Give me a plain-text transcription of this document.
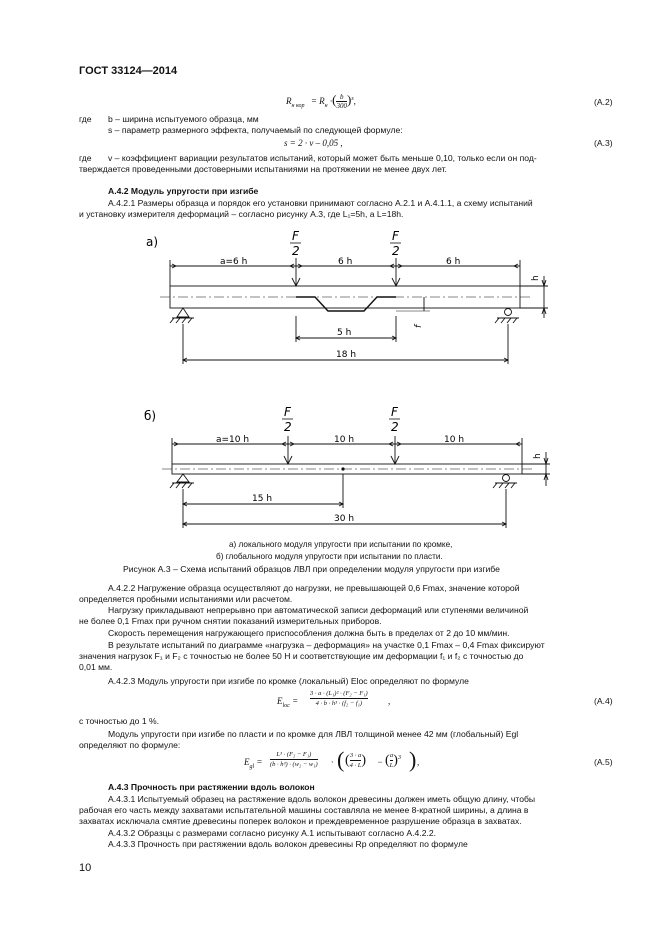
ГОСТ 33124—2014
$R_{н кор} = R_н \cdot(\frac{b}{300})^s$,	(A.2)
где b – ширина испытуемого образца, мм
s – параметр размерного эффекта, получаемый по следующей формуле:
s = 2 · v – 0,05 ,	(A.3)
где v – коэффициент вариации результатов испытаний, который может быть меньше 0,10, только если он под-
тверждается проведенными достоверными испытаниями на протяжении не менее двух лет.
А.4.2 Модуль упругости при изгибе
А.4.2.1 Размеры образца и порядок его установки принимают согласно А.2.1 и А.4.1.1, а схему испытаний
и установку измерителя деформаций – согласно рисунку А.3, где L₁=5h, а L=18h.
а)	F
2
F
2
a=6 h	6 h	6 h
h
f
5 h
18 h
б)	F
2
F
2
a=10 h	10 h	10 h
h
15 h
30 h
а) локального модуля упругости при испытании по кромке,
б) глобального модуля упругости при испытании по пласти.
Рисунок А.3 – Схема испытаний образцов ЛВЛ при определении модуля упругости при изгибе
А.4.2.2 Нагружение образца осуществляют до нагрузки, не превышающей 0,6 Fmax, значение которой
определяется пробными испытаниями или расчетом.
Нагрузку прикладывают непрерывно при автоматической записи деформаций или ступенями величиной
не более 0,1 Fmax при ручном снятии показаний измерительных приборов.
Скорость перемещения нагружающего приспособления должна быть в пределах от 2 до 10 мм/мин.
В результате испытаний по диаграмме «нагрузка – деформация» на участке 0,1 Fmax – 0,4 Fmax фиксируют
значения нагрузок F₁ и F₂ с точностью не более 50 Н и соответствующие им деформации f₁ и f₂ с точностью до
0,01 мм.
А.4.2.3 Модуль упругости при изгибе по кромке (локальный) Eloc определяют по формуле
$E_{loc}$ =
3 · a · (L₁)² · (F₂ − F₁)
4 · b · h³ · (f₂ − f₁)	,	(A.4)
с точностью до 1 %.
Модуль упругости при изгибе по пласти и по кромке для ЛВЛ толщиной менее 42 мм (глобальный) Egl
определяют по формуле:
$E_{gl}$ =
L³ · (F₂ − F₁)
(b · h³) · (w₂ − w₁) · ( $(\frac{3 \cdot a}{4 \cdot L}) - (\frac{a}{L})^3$ ) ,	(A.5)
А.4.3 Прочность при растяжении вдоль волокон
А.4.3.1 Испытуемый образец на растяжение вдоль волокон древесины должен иметь общую длину, чтобы
рабочая его часть между захватами испытательной машины составляла не менее 8-кратной ширины, а длина в
захватах исключала смятие древесины поперек волокон и преждевременное разрушение образца в захватах.
А.4.3.2 Образцы с размерами согласно рисунку А.1 испытывают согласно А.4.2.2.
А.4.3.3 Прочность при растяжении вдоль волокон древесины Rp определяют по формуле
10
